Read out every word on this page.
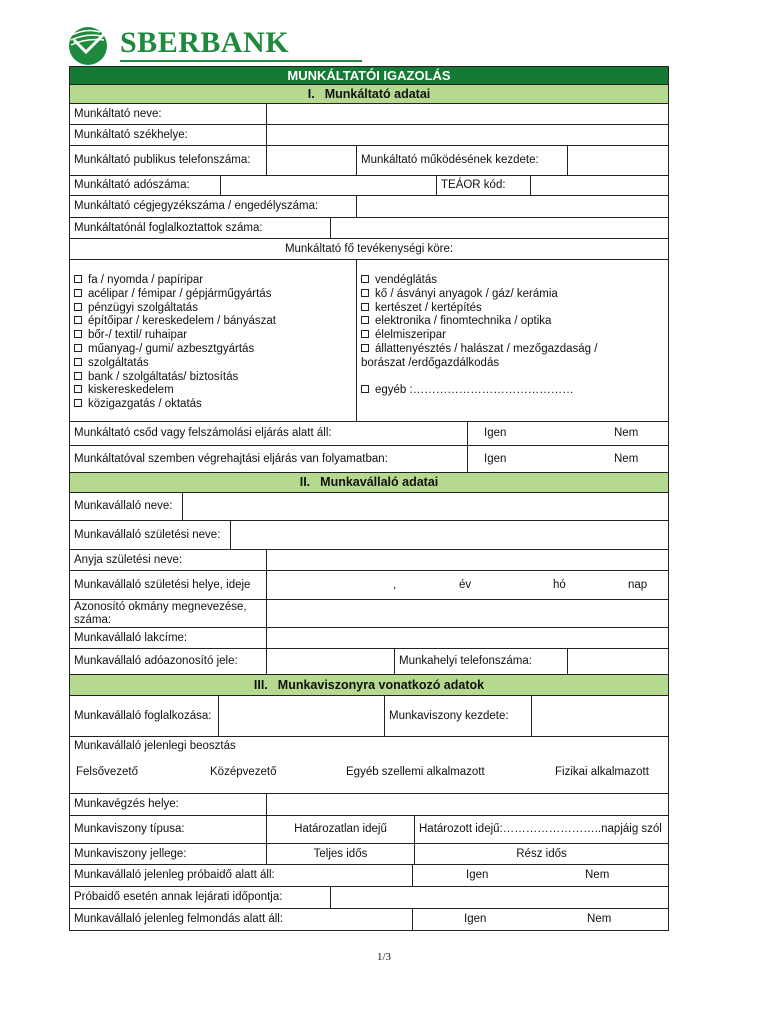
SBERBANK
MUNKÁLTATÓI IGAZOLÁS
I. Munkáltató adatai
Munkáltató neve:
Munkáltató székhelye:
Munkáltató publikus telefonszáma:	Munkáltató működésének kezdete:
Munkáltató adószáma:	TEÁOR kód:
Munkáltató cégjegyzékszáma / engedélyszáma:
Munkáltatónál foglalkoztattok száma:
Munkáltató fő tevékenységi köre:
fa / nyomda / papíripar
acélipar / fémipar / gépjárműgyártás
pénzügyi szolgáltatás
építőipar / kereskedelem / bányászat
bőr-/ textil/ ruhaipar
műanyag-/ gumi/ azbesztgyártás
szolgáltatás
bank / szolgáltatás/ biztosítás
kiskereskedelem
közigazgatás / oktatás
vendéglátás
kő / ásványi anyagok / gáz/ kerámia
kertészet / kertépítés
elektronika / finomtechnika / optika
élelmiszeripar
állattenyésztés / halászat / mezőgazdaság /
borászat /erdőgazdálkodás
egyéb :……………………………………
Munkáltató csőd vagy felszámolási eljárás alatt áll:	Igen	Nem
Munkáltatóval szemben végrehajtási eljárás van folyamatban:	Igen	Nem
II. Munkavállaló adatai
Munkavállaló neve:
Munkavállaló születési neve:
Anyja születési neve:
Munkavállaló születési helye, ideje	,	év	hó	nap
Azonosító okmány megnevezése, száma:
Munkavállaló lakcíme:
Munkavállaló adóazonosító jele:	Munkahelyi telefonszáma:
III. Munkaviszonyra vonatkozó adatok
Munkavállaló foglalkozása:	Munkaviszony kezdete:
Munkavállaló jelenlegi beosztás
Felsővezető	Középvezető	Egyéb szellemi alkalmazott	Fizikai alkalmazott
Munkavégzés helye:
Munkaviszony típusa:	Határozatlan idejű	Határozott idejű:……………………..napjáig szól
Munkaviszony jellege:	Teljes idős	Rész idős
Munkavállaló jelenleg próbaidő alatt áll:	Igen	Nem
Próbaidő esetén annak lejárati időpontja:
Munkavállaló jelenleg felmondás alatt áll:	Igen	Nem
1/3
